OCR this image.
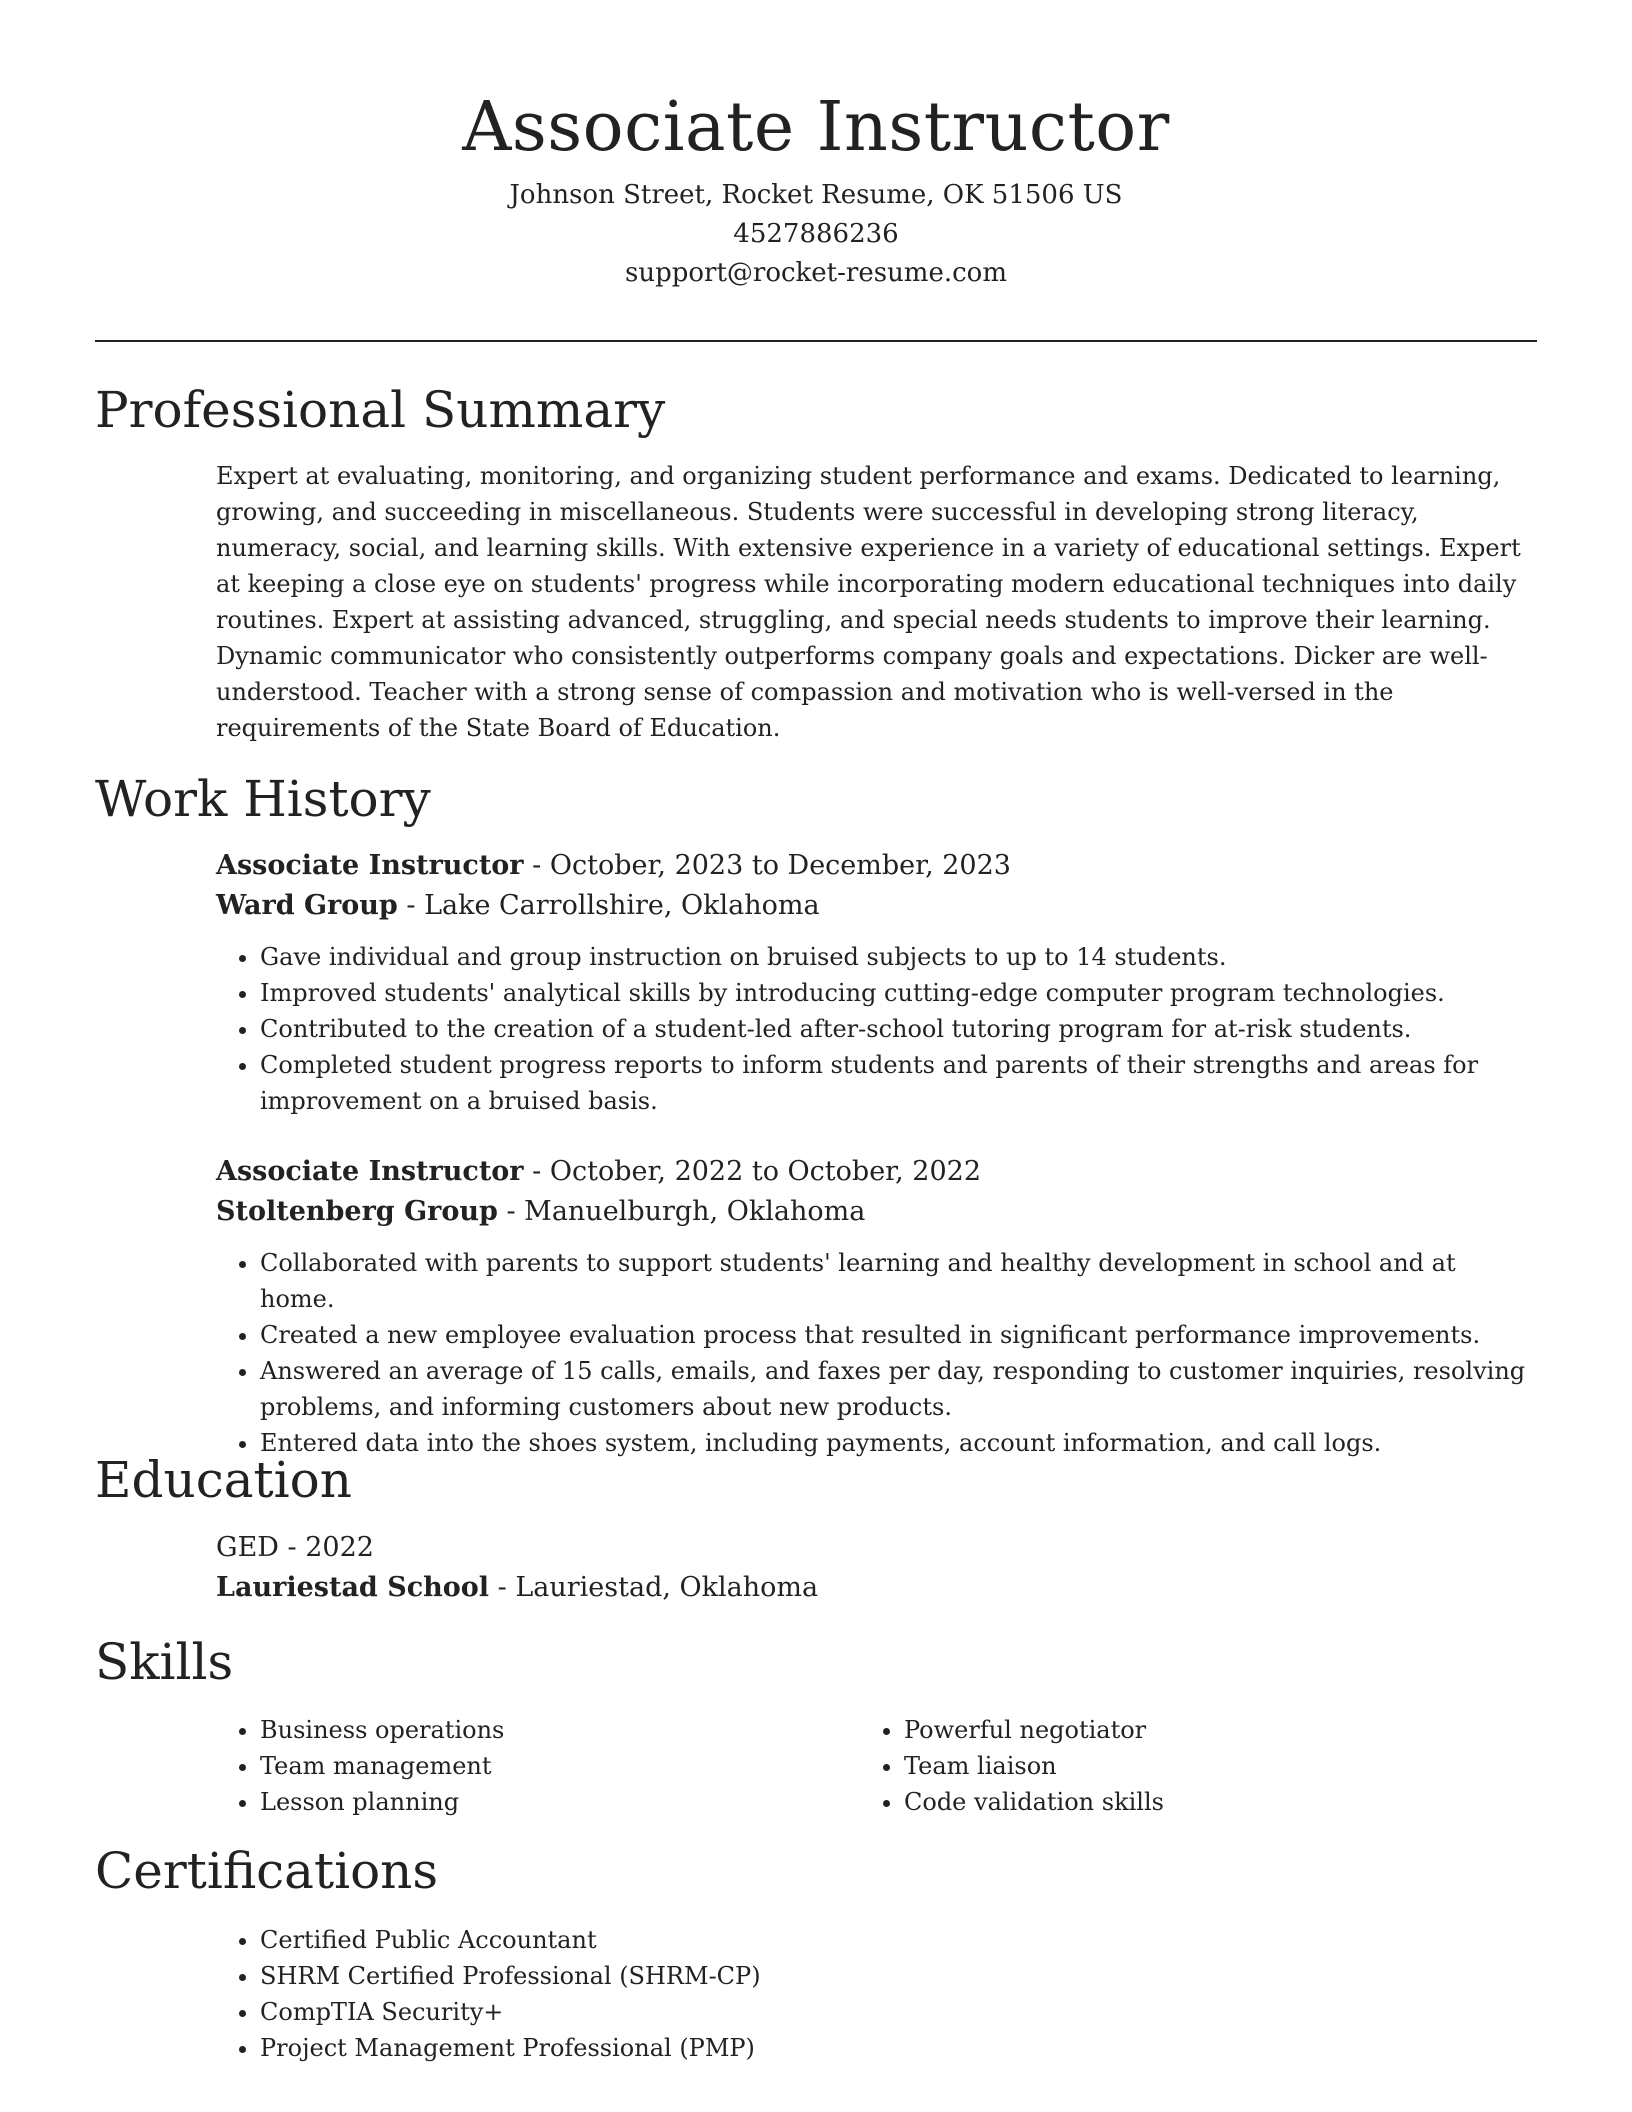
Associate Instructor

Johnson Street, Rocket Resume, OK 51506 US

4527886236

support@rocket-resume.com

Professional Summary

Expert at evaluating, monitoring, and organizing student performance and exams. Dedicated to learning, growing, and succeeding in miscellaneous. Students were successful in developing strong literacy, numeracy, social, and learning skills. With extensive experience in a variety of educational settings. Expert at keeping a close eye on students' progress while incorporating modern educational techniques into daily routines. Expert at assisting advanced, struggling, and special needs students to improve their learning. Dynamic communicator who consistently outperforms company goals and expectations. Dicker are well-understood. Teacher with a strong sense of compassion and motivation who is well-versed in the requirements of the State Board of Education.

Work History

Associate Instructor - October, 2023 to December, 2023

Ward Group - Lake Carrollshire, Oklahoma

• Gave individual and group instruction on bruised subjects to up to 14 students.
• Improved students' analytical skills by introducing cutting-edge computer program technologies.
• Contributed to the creation of a student-led after-school tutoring program for at-risk students.
• Completed student progress reports to inform students and parents of their strengths and areas for improvement on a bruised basis.

Associate Instructor - October, 2022 to October, 2022

Stoltenberg Group - Manuelburgh, Oklahoma

• Collaborated with parents to support students' learning and healthy development in school and at home.
• Created a new employee evaluation process that resulted in significant performance improvements.
• Answered an average of 15 calls, emails, and faxes per day, responding to customer inquiries, resolving problems, and informing customers about new products.
• Entered data into the shoes system, including payments, account information, and call logs.
Education

GED - 2022

Lauriestad School - Lauriestad, Oklahoma

Skills
• Business operations
• Team management
• Lesson planning
• Powerful negotiator
• Team liaison
• Code validation skills
Certifications
• Certified Public Accountant
• SHRM Certified Professional (SHRM-CP)
• CompTIA Security+
• Project Management Professional (PMP)
